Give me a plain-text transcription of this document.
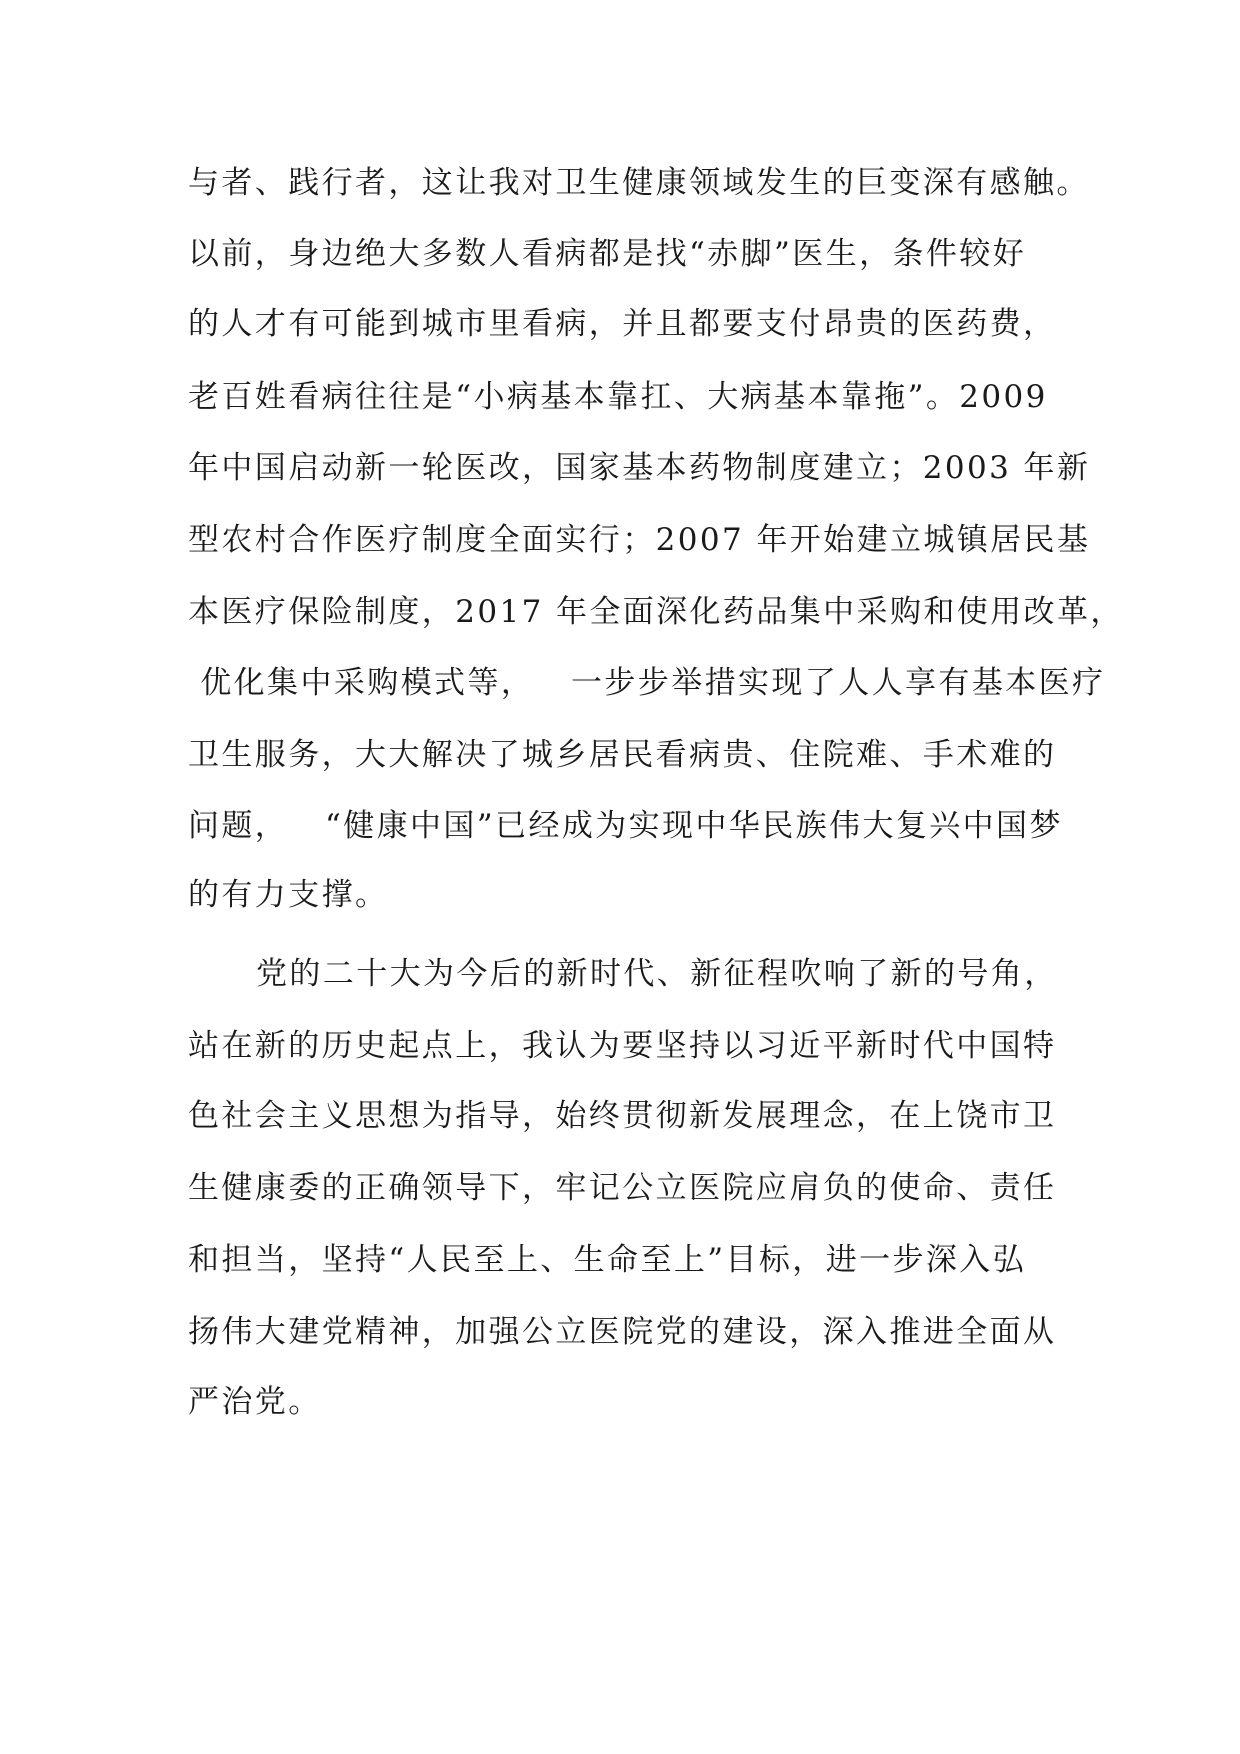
与者、践行者，这让我对卫生健康领域发生的巨变深有感触。
以前，身边绝大多数人看病都是找“赤脚”医生，条件较好
的人才有可能到城市里看病，并且都要支付昂贵的医药费，
老百姓看病往往是“小病基本靠扛、大病基本靠拖”。2009
年中国启动新一轮医改，国家基本药物制度建立；2003 年新
型农村合作医疗制度全面实行；2007 年开始建立城镇居民基
本医疗保险制度，2017 年全面深化药品集中采购和使用改革，
优化集中采购模式等，   一步步举措实现了人人享有基本医疗
卫生服务，大大解决了城乡居民看病贵、住院难、手术难的
问题，   “健康中国”已经成为实现中华民族伟大复兴中国梦
的有力支撑。
党的二十大为今后的新时代、新征程吹响了新的号角，
站在新的历史起点上，我认为要坚持以习近平新时代中国特
色社会主义思想为指导，始终贯彻新发展理念，在上饶市卫
生健康委的正确领导下，牢记公立医院应肩负的使命、责任
和担当，坚持“人民至上、生命至上”目标，进一步深入弘
扬伟大建党精神，加强公立医院党的建设，深入推进全面从
严治党。
